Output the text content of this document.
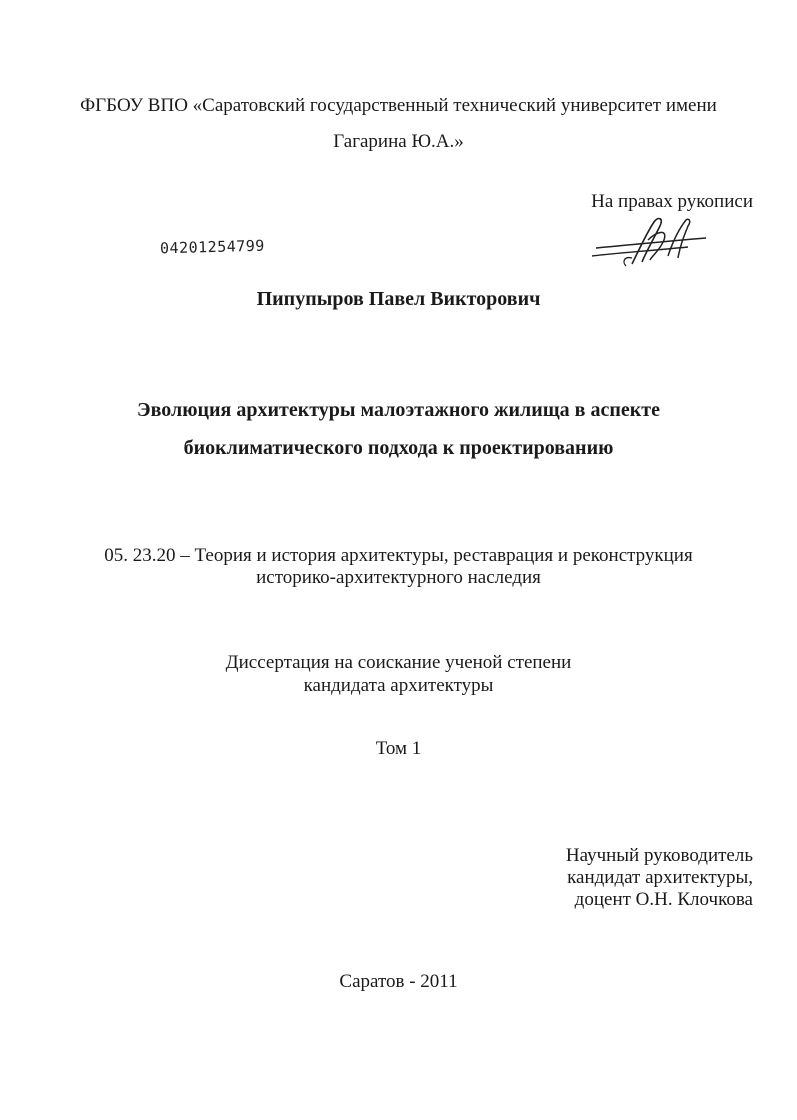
ФГБОУ ВПО «Саратовский государственный технический университет имени
Гагарина Ю.А.»
На правах рукописи
04201254799
Пипупыров Павел Викторович
Эволюция архитектуры малоэтажного жилища в аспекте
биоклиматического подхода к проектированию
05. 23.20 – Теория и история архитектуры, реставрация и реконструкция
историко-архитектурного наследия
Диссертация на соискание ученой степени
кандидата архитектуры
Том 1
Научный руководитель
кандидат архитектуры,
доцент О.Н. Клочкова
Саратов - 2011
